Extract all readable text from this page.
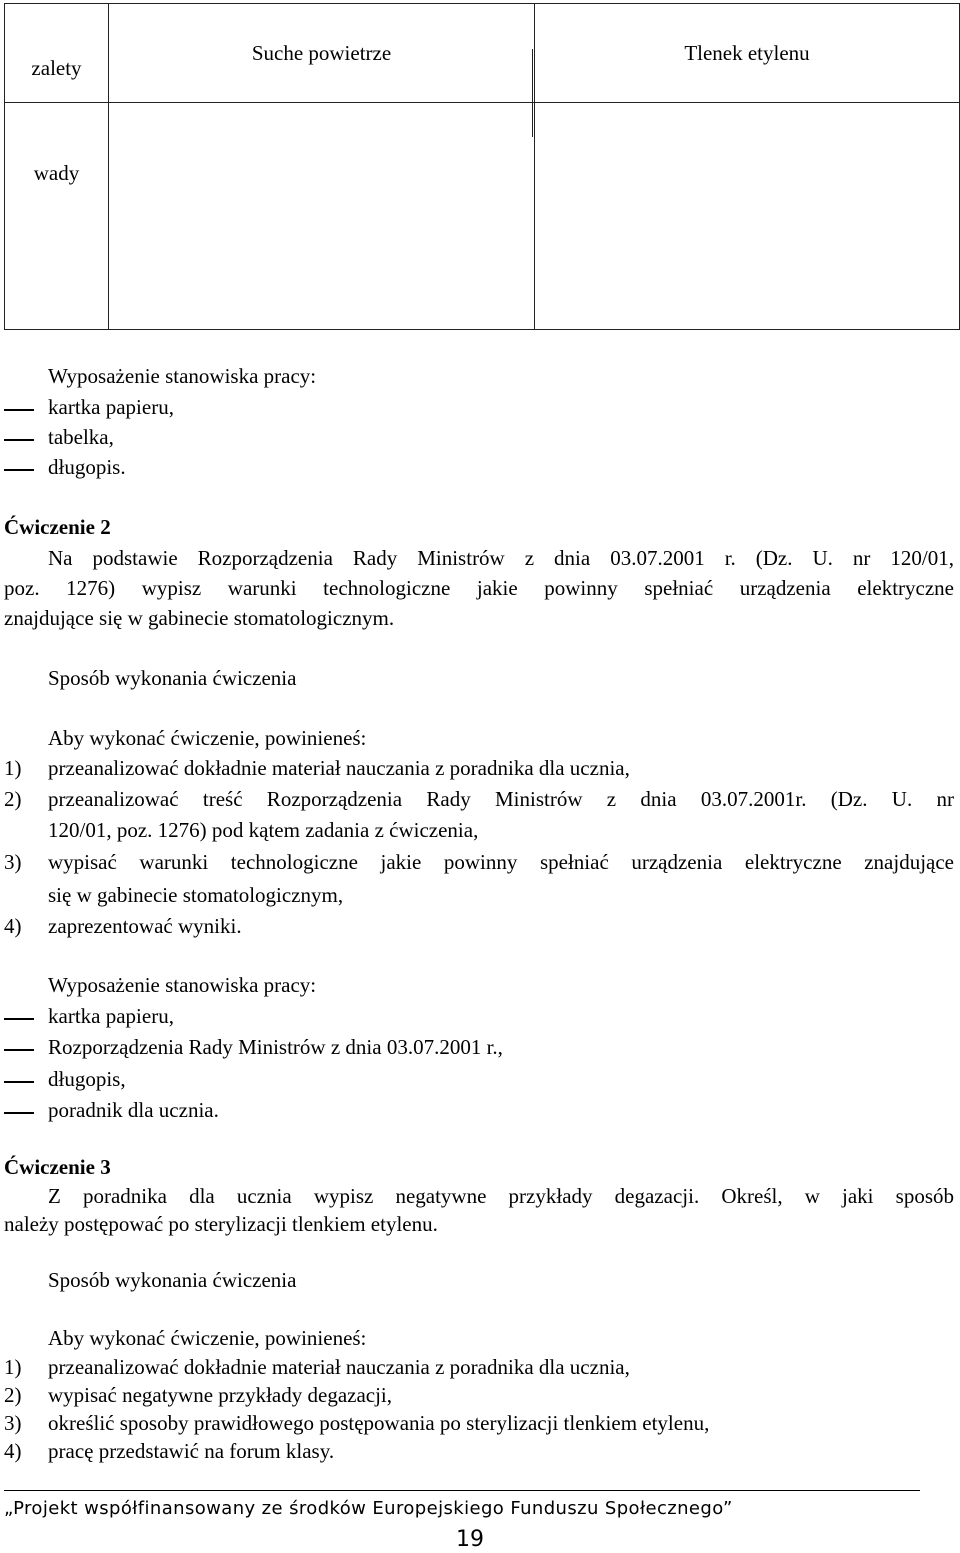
zalety	Suche powietrze	Tlenek etylenu

wady		
Wyposażenie stanowiska pracy:
kartka papieru,
tabelka,
długopis.
Ćwiczenie 2
Na podstawie Rozporządzenia Rady Ministrów z dnia 03.07.2001 r. (Dz. U. nr 120/01,
poz. 1276) wypisz warunki technologiczne jakie powinny spełniać urządzenia elektryczne
znajdujące się w gabinecie stomatologicznym.
Sposób wykonania ćwiczenia
Aby wykonać ćwiczenie, powinieneś:
1) przeanalizować dokładnie materiał nauczania z poradnika dla ucznia,
2) przeanalizować treść Rozporządzenia Rady Ministrów z dnia 03.07.2001r. (Dz. U. nr
120/01, poz. 1276) pod kątem zadania z ćwiczenia,
3) wypisać warunki technologiczne jakie powinny spełniać urządzenia elektryczne znajdujące
się w gabinecie stomatologicznym,
4) zaprezentować wyniki.
Wyposażenie stanowiska pracy:
kartka papieru,
Rozporządzenia Rady Ministrów z dnia 03.07.2001 r.,
długopis,
poradnik dla ucznia.
Ćwiczenie 3
Z poradnika dla ucznia wypisz negatywne przykłady degazacji. Określ, w jaki sposób
należy postępować po sterylizacji tlenkiem etylenu.
Sposób wykonania ćwiczenia
Aby wykonać ćwiczenie, powinieneś:
1) przeanalizować dokładnie materiał nauczania z poradnika dla ucznia,
2) wypisać negatywne przykłady degazacji,
3) określić sposoby prawidłowego postępowania po sterylizacji tlenkiem etylenu,
4) pracę przedstawić na forum klasy.
„Projekt współfinansowany ze środków Europejskiego Funduszu Społecznego”
19
